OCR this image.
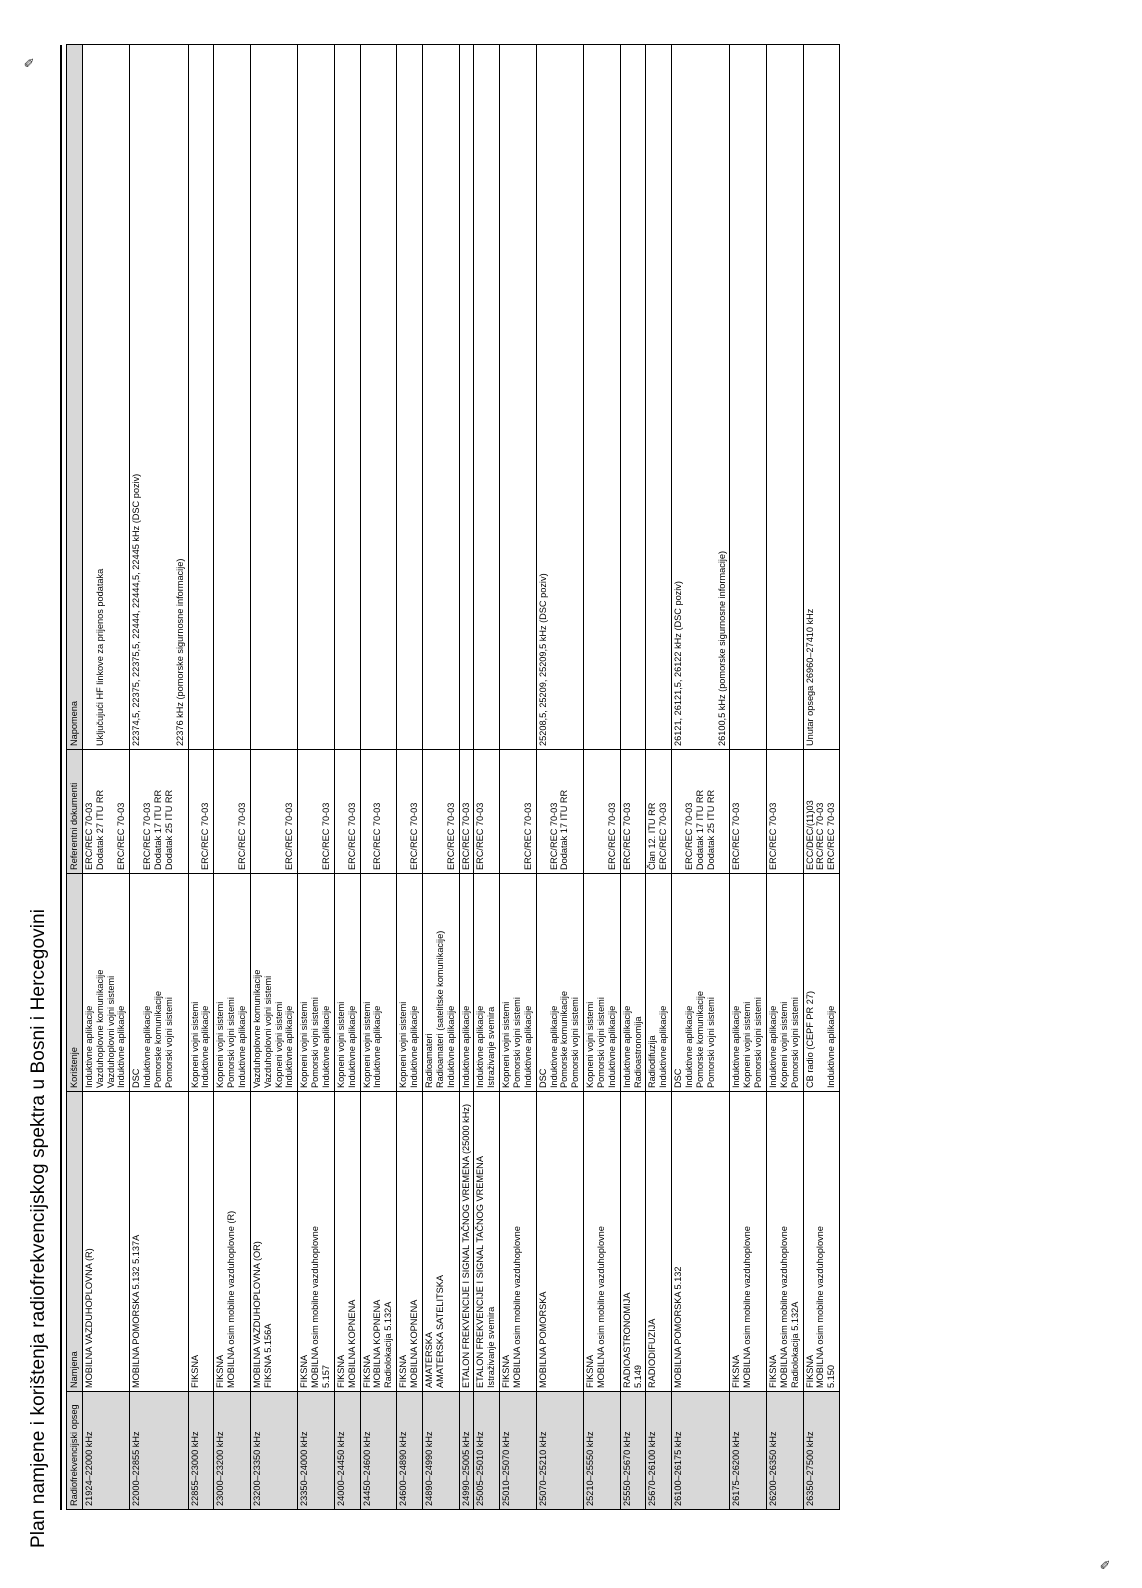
✎
✎
Plan namjene i korištenja radiofrekvencijskog spektra u Bosni i Hercegovini Radiofrekvencijski opseg	Namjena	Korištenje	Referentni dokumenti	Napomena
21924–22000 kHz	MOBILNA VAZDUHOPLOVNA (R)	Induktivne aplikacije Vazduhoplovne komunikacije Vazduhoplovni vojni sistemi Induktivne aplikacije	ERC/REC 70-03 Dodatak 27 ITU RR ERC/REC 70-03	Uključujući HF linkove za prijenos podataka

22000–22855 kHz	MOBILNA POMORSKA 5.132 5.137A	DSC Induktivne aplikacije Pomorske komunikacije Pomorski vojni sistemi	ERC/REC 70-03 Dodatak 17 ITU RR Dodatak 25 ITU RR	22374,5, 22375, 22375,5, 22444, 22444,5, 22445 kHz (DSC poziv) 22376 kHz (pomorske sigurnosne informacije)

22855–23000 kHz	FIKSNA	Kopneni vojni sistemi Induktivne aplikacije	ERC/REC 70-03	

23000–23200 kHz	FIKSNA MOBILNA osim mobilne vazduhoplovne (R)	Kopneni vojni sistemi Pomorski vojni sistemi Induktivne aplikacije	ERC/REC 70-03	

23200–23350 kHz	MOBILNA VAZDUHOPLOVNA (OR) FIKSNA 5.156A	Vazduhoplovne komunikacije Vazduhoplovni vojni sistemi Kopneni vojni sistemi Induktivne aplikacije	ERC/REC 70-03	

23350–24000 kHz	FIKSNA MOBILNA osim mobilne vazduhoplovne 5.157	Kopneni vojni sistemi Pomorski vojni sistemi Induktivne aplikacije	ERC/REC 70-03	

24000–24450 kHz	FIKSNA MOBILNA KOPNENA	Kopneni vojni sistemi Induktivne aplikacije	ERC/REC 70-03	

24450–24600 kHz	FIKSNA MOBILNA KOPNENA Radiolokacija 5.132A	Kopneni vojni sistemi Induktivne aplikacije	ERC/REC 70-03	

24600–24890 kHz	FIKSNA MOBILNA KOPNENA	Kopneni vojni sistemi Induktivne aplikacije	ERC/REC 70-03	

24890–24990 kHz	AMATERSKA AMATERSKA SATELITSKA	Radioamateri Radioamateri (satelitske komunikacije) Induktivne aplikacije	ERC/REC 70-03	

24990–25005 kHz	ETALON FREKVENCIJE I SIGNAL TAČNOG VREMENA (25000 kHz)	Induktivne aplikacije	ERC/REC 70-03	

25005–25010 kHz	ETALON FREKVENCIJE I SIGNAL TAČNOG VREMENA Istraživanje svemira	Induktivne aplikacije Istraživanje svemira	ERC/REC 70-03	

25010–25070 kHz	FIKSNA MOBILNA osim mobilne vazduhoplovne	Kopneni vojni sistemi Pomorski vojni sistemi Induktivne aplikacije	ERC/REC 70-03	

25070–25210 kHz	MOBILNA POMORSKA	DSC Induktivne aplikacije Pomorske komunikacije Pomorski vojni sistemi	ERC/REC 70-03 Dodatak 17 ITU RR	25208,5, 25209, 25209,5 kHz (DSC poziv)

25210–25550 kHz	FIKSNA MOBILNA osim mobilne vazduhoplovne	Kopneni vojni sistemi Pomorski vojni sistemi Induktivne aplikacije	ERC/REC 70-03	

25550–25670 kHz	RADIOASTRONOMIJA 5.149	Induktivne aplikacije Radioastronomija	ERC/REC 70-03	

25670–26100 kHz	RADIODIFUZIJA	Radiodifuzija Induktivne aplikacije	Član 12. ITU RR ERC/REC 70-03	

26100–26175 kHz	MOBILNA POMORSKA 5.132	DSC Induktivne aplikacije Pomorske komunikacije Pomorski vojni sistemi	ERC/REC 70-03 Dodatak 17 ITU RR Dodatak 25 ITU RR	26121, 26121,5, 26122 kHz (DSC poziv) 26100,5 kHz (pomorske sigurnosne informacije)

26175–26200 kHz	FIKSNA MOBILNA osim mobilne vazduhoplovne	Induktivne aplikacije Kopneni vojni sistemi Pomorski vojni sistemi	ERC/REC 70-03	

26200–26350 kHz	FIKSNA MOBILNA osim mobilne vazduhoplovne Radiolokacija 5.132A	Induktivne aplikacije Kopneni vojni sistemi Pomorski vojni sistemi	ERC/REC 70-03	

26350–27500 kHz	FIKSNA MOBILNA osim mobilne vazduhoplovne 5.150	CB radio (CEPF PR 27) Induktivne aplikacije	ECC/DEC/(11)03 ERC/REC 70-03 ERC/REC 70-03	Unutar opsega 26960–27410 kHz
